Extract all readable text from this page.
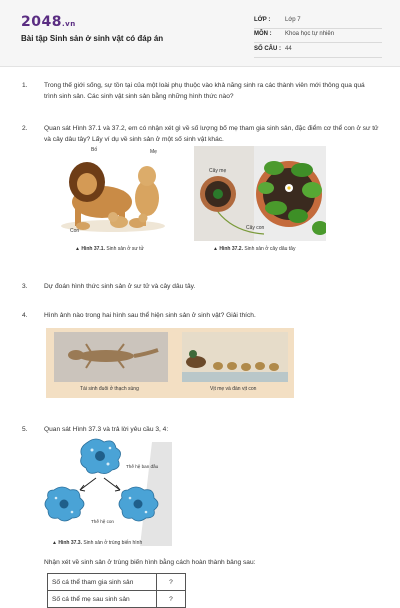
2048.vn
Bài tập Sinh sản ở sinh vật có đáp án
LỚP : Lớp 7
MÔN : Khoa học tự nhiên
SỐ CÂU : 44
1.	Trong thế giới sống, sự tồn tại của một loài phụ thuộc vào khả năng sinh ra các thành viên mới thông qua quá trình sinh sản. Các sinh vật sinh sản bằng những hình thức nào?
2.	Quan sát Hình 37.1 và 37.2, em có nhận xét gì về số lượng bố mẹ tham gia sinh sản, đặc điểm cơ thể con ở sư tử và cây dâu tây? Lấy ví dụ về sinh sản ở một số sinh vật khác.
Bố	Mẹ
Con
▲ Hình 37.1. Sinh sản ở sư tử
Cây mẹ
Cây con
▲ Hình 37.2. Sinh sản ở cây dâu tây
3.	Dự đoán hình thức sinh sản ở sư tử và cây dâu tây.
4.	Hình ảnh nào trong hai hình sau thể hiện sinh sản ở sinh vật? Giải thích.
Tái sinh đuôi ở thạch sùng	Vịt mẹ và đàn vịt con
5.	Quan sát Hình 37.3 và trả lời yêu cầu 3, 4:
Thế hệ ban đầu
Thế hệ con
▲ Hình 37.3. Sinh sản ở trùng biến hình
Nhận xét về sinh sản ở trùng biến hình bằng cách hoàn thành bảng sau:
Số cá thể tham gia sinh sản	?
Số cá thể mẹ sau sinh sản	?
